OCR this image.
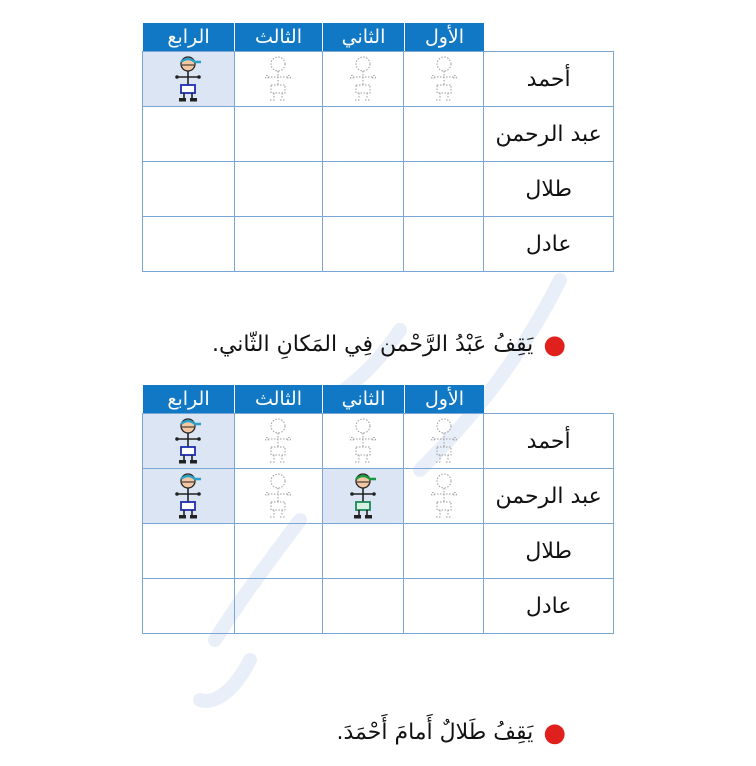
الأول
الثاني
الثالث
الرابع
أحمد
عبد الرحمن
طلال
عادل
●يَقِفُ عَبْدُ الرَّحْمن فِي المَكانِ الثّاني.
الأول
الثاني
الثالث
الرابع
أحمد
عبد الرحمن
طلال
عادل
●يَقِفُ طَلالٌ أَمامَ أَحْمَدَ.
